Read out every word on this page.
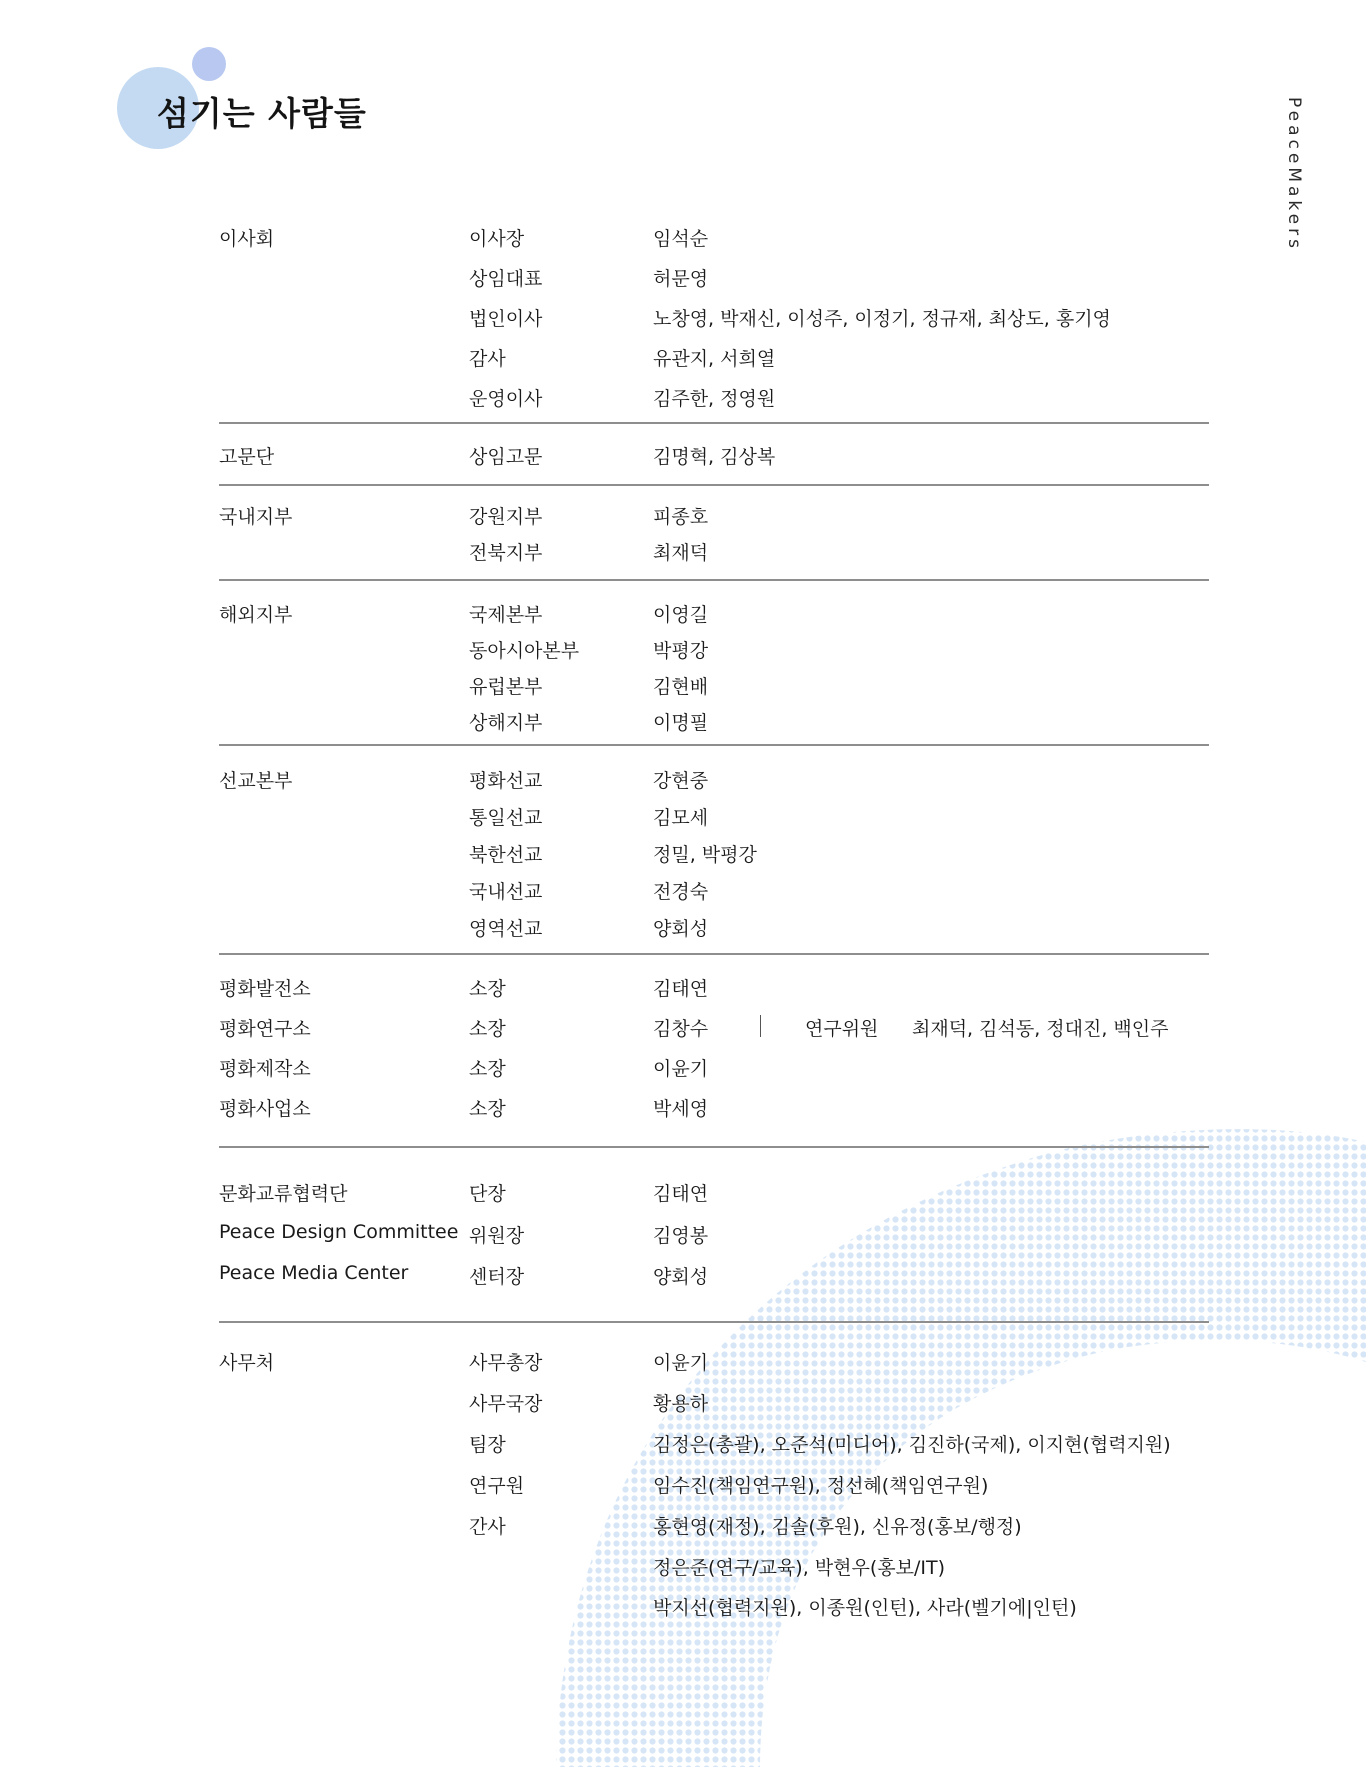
섬기는 사람들	PeaceMakers
이사회	이사장	임석순
상임대표	허문영
법인이사	노창영, 박재신, 이성주, 이정기, 정규재, 최상도, 홍기영
감사	유관지, 서희열
운영이사	김주한, 정영원
고문단	상임고문	김명혁, 김상복
국내지부	강원지부	피종호
전북지부	최재덕
해외지부	국제본부	이영길
동아시아본부	박평강
유럽본부	김현배
상해지부	이명필
선교본부	평화선교	강현중
통일선교	김모세
북한선교	정밀, 박평강
국내선교	전경숙
영역선교	양회성
평화발전소	소장	김태연
평화연구소	소장	김창수	연구위원 최재덕, 김석동, 정대진, 백인주
평화제작소	소장	이윤기
평화사업소	소장	박세영
문화교류협력단	단장	김태연
Peace Design Committee 위원장	김영봉
Peace Media Center	센터장	양회성
사무처	사무총장	이윤기
사무국장	황용하
팀장	김정은(총괄), 오준석(미디어), 김진하(국제), 이지현(협력지원)
연구원	임수진(책임연구원), 정선혜(책임연구원)
간사	홍현영(재정), 김솔(후원), 신유정(홍보/행정)
정은준(연구/교육), 박현우(홍보/IT)
박지선(협력지원), 이종원(인턴), 사라(벨기에|인턴)
